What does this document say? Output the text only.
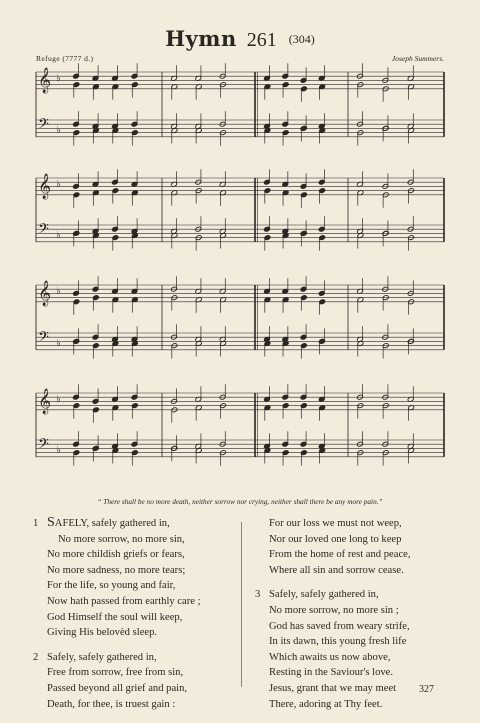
Hymn 261 (304)
Refuge (7777 d.)	Joseph Summers.
𝄞
𝄢
♭
♭
𝄞
𝄢
♭
♭
𝄞
𝄢
♭
♭
𝄞
𝄢
♭
♭
“ There shall be no more death, neither sorrow nor crying, neither shall there be any more pain.”
1 SAFELY, safely gathered in,
No more sorrow, no more sin,
No more childish griefs or fears,
No more sadness, no more tears;
For the life, so young and fair,
Now hath passed from earthly care ;
God Himself the soul will keep,
Giving His belovèd sleep.
2 Safely, safely gathered in,
Free from sorrow, free from sin,
Passed beyond all grief and pain,
Death, for thee, is truest gain :
For our loss we must not weep,
Nor our loved one long to keep
From the home of rest and peace,
Where all sin and sorrow cease.
3 Safely, safely gathered in,
No more sorrow, no more sin ;
God has saved from weary strife,
In its dawn, this young fresh life
Which awaits us now above,
Resting in the Saviour's love.
Jesus, grant that we may meet
There, adoring at Thy feet.
327
